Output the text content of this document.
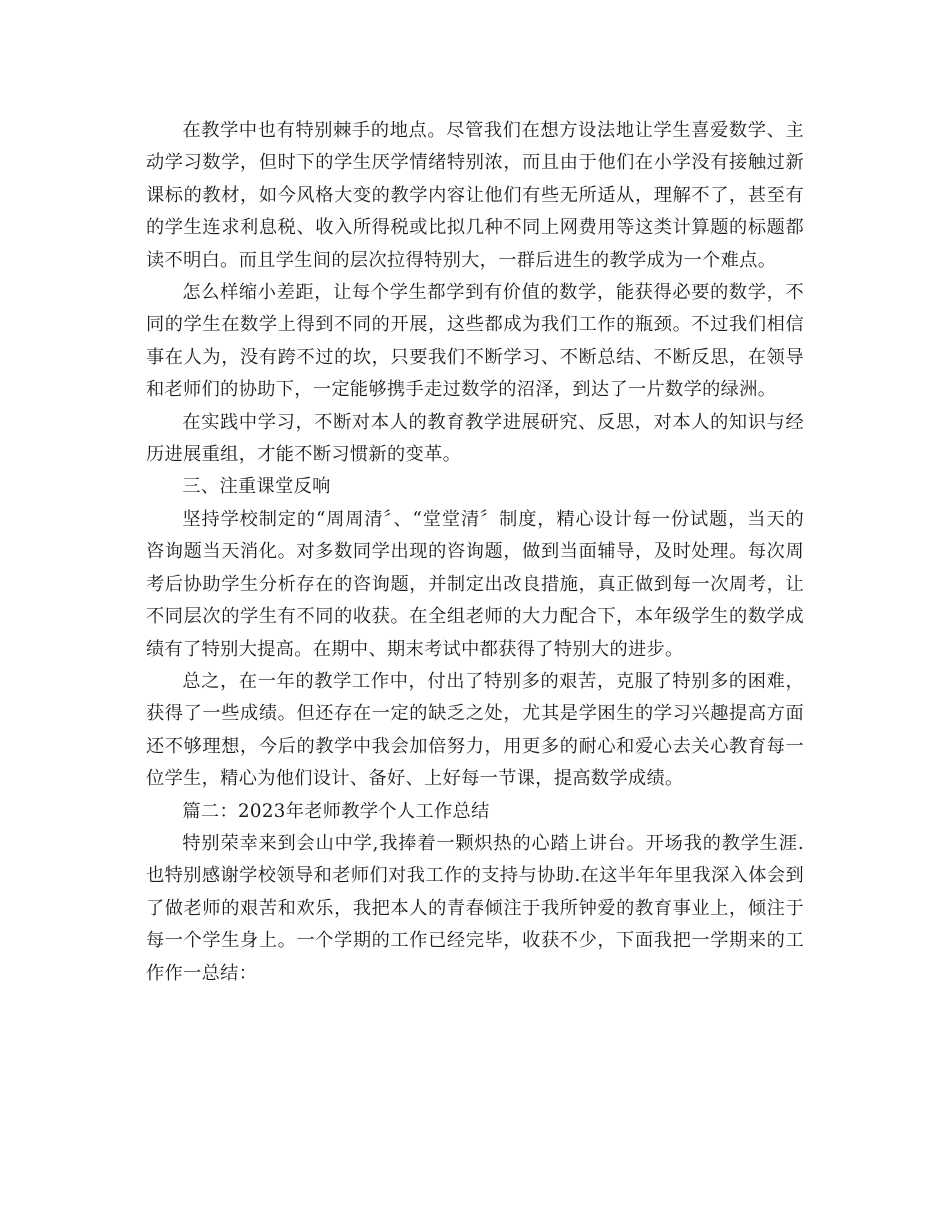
在教学中也有特别棘手的地点。尽管我们在想方设法地让学生喜爱数学、主动学习数学，但时下的学生厌学情绪特别浓，而且由于他们在小学没有接触过新课标的教材，如今风格大变的教学内容让他们有些无所适从，理解不了，甚至有的学生连求利息税、收入所得税或比拟几种不同上网费用等这类计算题的标题都读不明白。而且学生间的层次拉得特别大，一群后进生的教学成为一个难点。

怎么样缩小差距，让每个学生都学到有价值的数学，能获得必要的数学，不同的学生在数学上得到不同的开展，这些都成为我们工作的瓶颈。不过我们相信事在人为，没有跨不过的坎，只要我们不断学习、不断总结、不断反思，在领导和老师们的协助下，一定能够携手走过数学的沼泽，到达了一片数学的绿洲。

在实践中学习，不断对本人的教育教学进展研究、反思，对本人的知识与经历进展重组，才能不断习惯新的变革。

三、注重课堂反响

坚持学校制定的“周周清〞、“堂堂清〞制度，精心设计每一份试题，当天的咨询题当天消化。对多数同学出现的咨询题，做到当面辅导，及时处理。每次周考后协助学生分析存在的咨询题，并制定出改良措施，真正做到每一次周考，让不同层次的学生有不同的收获。在全组老师的大力配合下，本年级学生的数学成绩有了特别大提高。在期中、期末考试中都获得了特别大的进步。

总之，在一年的教学工作中，付出了特别多的艰苦，克服了特别多的困难，获得了一些成绩。但还存在一定的缺乏之处，尤其是学困生的学习兴趣提高方面还不够理想，今后的教学中我会加倍努力，用更多的耐心和爱心去关心教育每一位学生，精心为他们设计、备好、上好每一节课，提高数学成绩。

篇二：2023年老师教学个人工作总结

特别荣幸来到会山中学,我捧着一颗炽热的心踏上讲台。开场我的教学生涯.也特别感谢学校领导和老师们对我工作的支持与协助.在这半年年里我深入体会到了做老师的艰苦和欢乐，我把本人的青春倾注于我所钟爱的教育事业上，倾注于每一个学生身上。一个学期的工作已经完毕，收获不少，下面我把一学期来的工作作一总结：
